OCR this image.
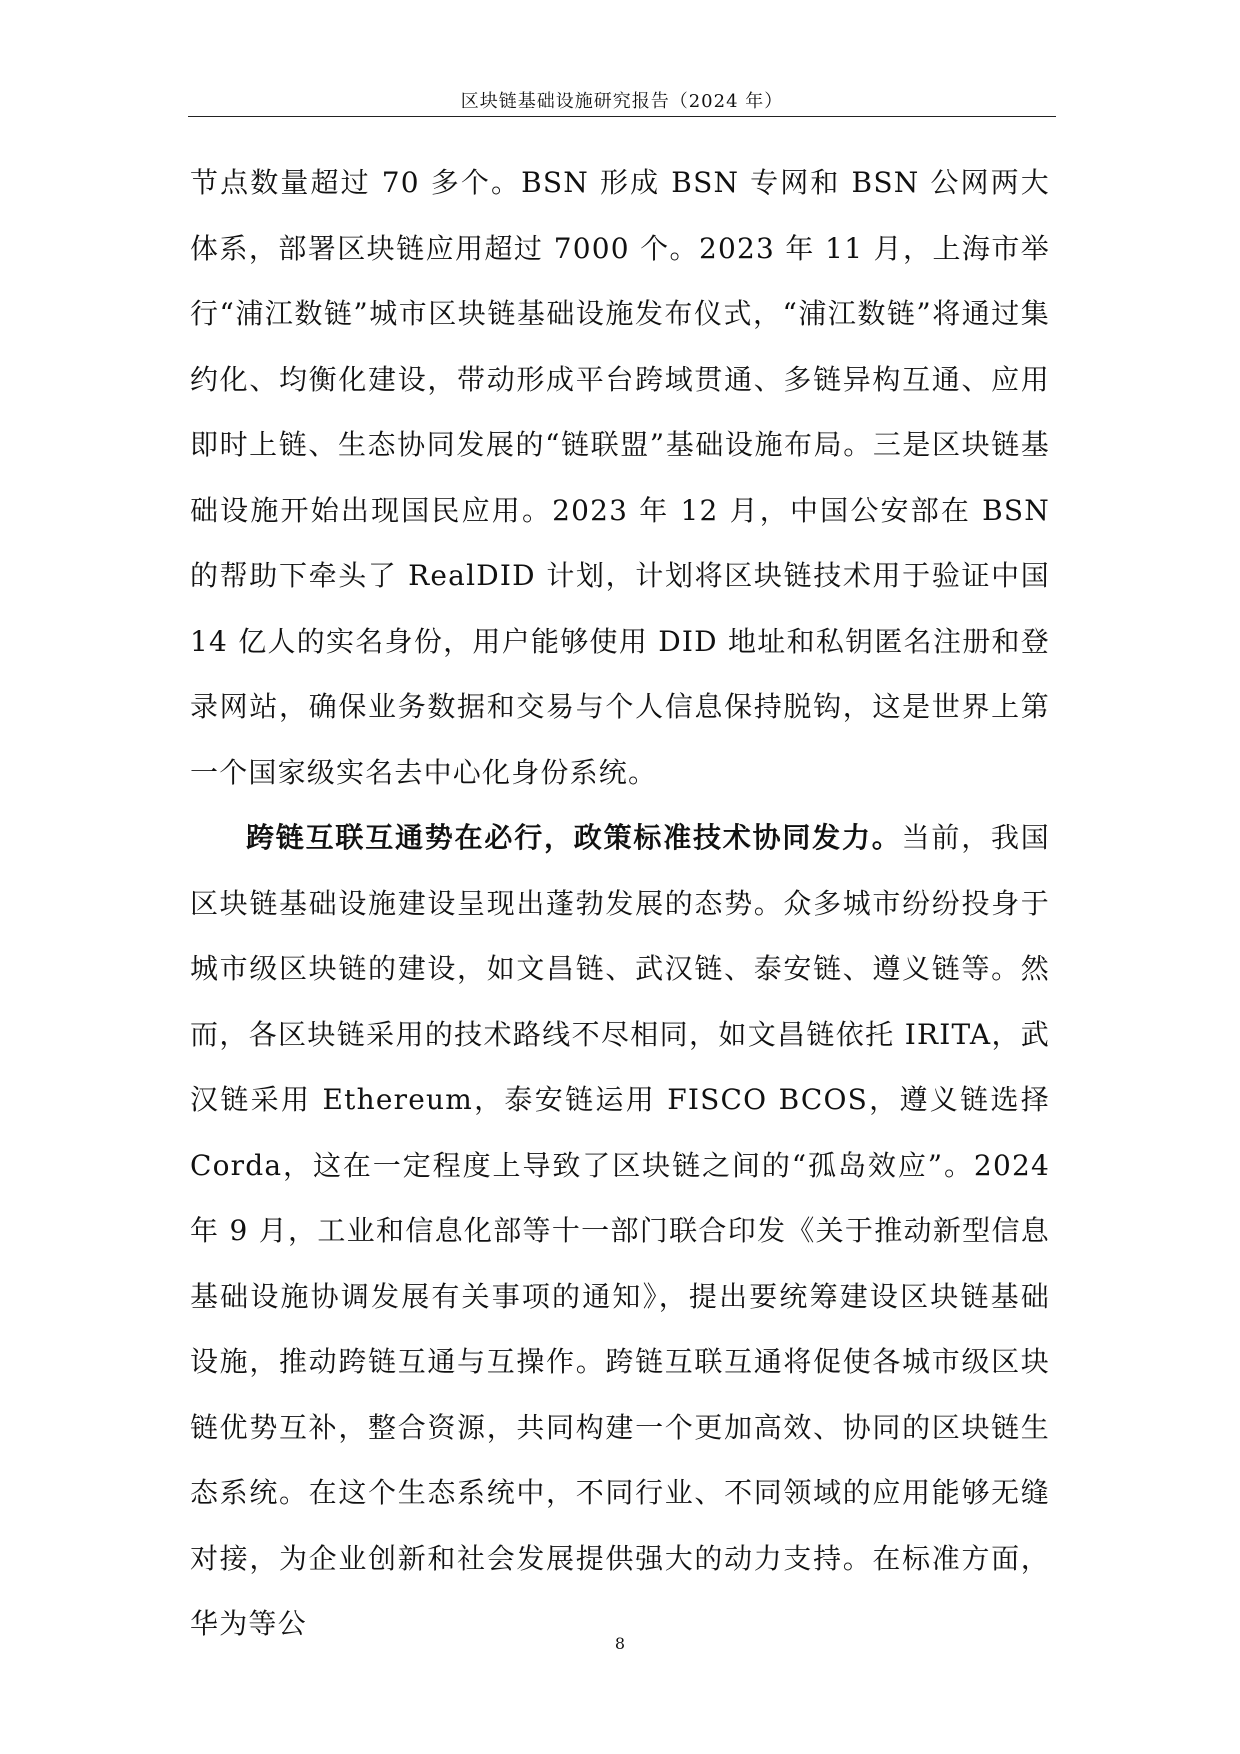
区块链基础设施研究报告（2024 年）

节点数量超过 70 多个。BSN 形成 BSN 专网和 BSN 公网两大体系，部署区块链应用超过 7000 个。2023 年 11 月，上海市举行“浦江数链”城市区块链基础设施发布仪式，“浦江数链”将通过集约化、均衡化建设，带动形成平台跨域贯通、多链异构互通、应用即时上链、生态协同发展的“链联盟”基础设施布局。三是区块链基础设施开始出现国民应用。2023 年 12 月，中国公安部在 BSN 的帮助下牵头了 RealDID 计划，计划将区块链技术用于验证中国 14 亿人的实名身份，用户能够使用 DID 地址和私钥匿名注册和登录网站，确保业务数据和交易与个人信息保持脱钩，这是世界上第一个国家级实名去中心化身份系统。

跨链互联互通势在必行，政策标准技术协同发力。当前，我国区块链基础设施建设呈现出蓬勃发展的态势。众多城市纷纷投身于城市级区块链的建设，如文昌链、武汉链、泰安链、遵义链等。然而，各区块链采用的技术路线不尽相同，如文昌链依托 IRITA，武汉链采用 Ethereum，泰安链运用 FISCO BCOS，遵义链选择 Corda，这在一定程度上导致了区块链之间的“孤岛效应”。2024 年 9 月，工业和信息化部等十一部门联合印发《关于推动新型信息基础设施协调发展有关事项的通知》，提出要统筹建设区块链基础设施，推动跨链互通与互操作。跨链互联互通将促使各城市级区块链优势互补，整合资源，共同构建一个更加高效、协同的区块链生态系统。在这个生态系统中，不同行业、不同领域的应用能够无缝对接，为企业创新和社会发展提供强大的动力支持。在标准方面，华为等公

8
